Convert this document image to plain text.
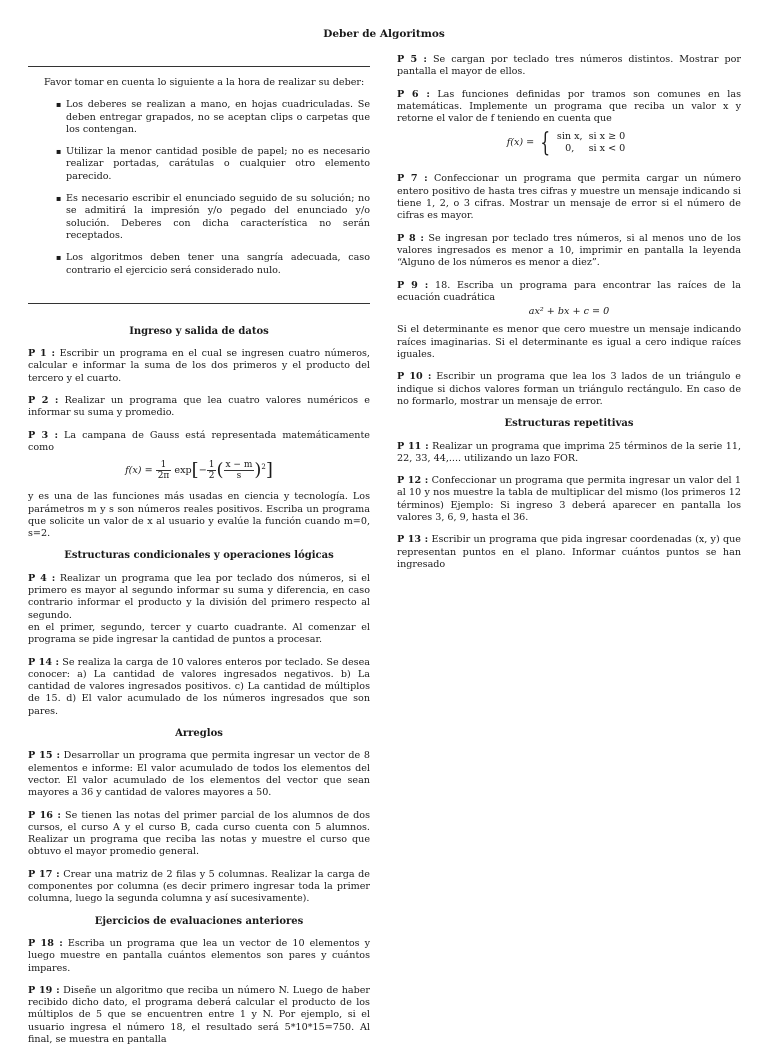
Deber de Algoritmos

Favor tomar en cuenta lo siguiente a la hora de realizar su deber:

▪ Los deberes se realizan a mano, en hojas cuadriculadas. Se deben entregar grapados, no se aceptan clips o carpetas que los contengan.
▪ Utilizar la menor cantidad posible de papel; no es necesario realizar portadas, carátulas o cualquier otro elemento parecido.
▪ Es necesario escribir el enunciado seguido de su solución; no se admitirá la impresión y/o pegado del enunciado y/o solución. Deberes con dicha característica no serán receptados.
▪ Los algoritmos deben tener una sangría adecuada, caso contrario el ejercicio será considerado nulo.
Ingreso y salida de datos

P 1 : Escribir un programa en el cual se ingresen cuatro números, calcular e informar la suma de los dos primeros y el producto del tercero y el cuarto.

P 2 : Realizar un programa que lea cuatro valores numéricos e informar su suma y promedio.

P 3 : La campana de Gauss está representada matemáticamente como

$f(x) = \frac{1}{2\pi} \exp[- \frac{1}{2}$ ( $\frac{x - m}{s} )^2$]

y es una de las funciones más usadas en ciencia y tecnología. Los parámetros m y s son números reales positivos. Escriba un programa que solicite un valor de x al usuario y evalúe la función cuando m=0, s=2.

Estructuras condicionales y operaciones lógicas

P 4 : Realizar un programa que lea por teclado dos números, si el primero es mayor al segundo informar su suma y diferencia, en caso contrario informar el producto y la división del primero respecto al segundo.

P 5 : Se cargan por teclado tres números distintos. Mostrar por pantalla el mayor de ellos.

P 6 : Las funciones definidas por tramos son comunes en las matemáticas. Implemente un programa que reciba un valor x y retorne el valor de f teniendo en cuenta que

f(x) = { sin x,	si x ≥ 0
0,	si x < 0

P 7 : Confeccionar un programa que permita cargar un número entero positivo de hasta tres cifras y muestre un mensaje indicando si tiene 1, 2, o 3 cifras. Mostrar un mensaje de error si el número de cifras es mayor.

P 8 : Se ingresan por teclado tres números, si al menos uno de los valores ingresados es menor a 10, imprimir en pantalla la leyenda “Alguno de los números es menor a diez”.

P 9 : 18. Escriba un programa para encontrar las raíces de la ecuación cuadrática

ax² + bx + c = 0

Si el determinante es menor que cero muestre un mensaje indicando raíces imaginarias. Si el determinante es igual a cero indique raíces iguales.

P 10 : Escribir un programa que lea los 3 lados de un triángulo e indique si dichos valores forman un triángulo rectángulo. En caso de no formarlo, mostrar un mensaje de error.

Estructuras repetitivas

P 11 : Realizar un programa que imprima 25 términos de la serie 11, 22, 33, 44,.... utilizando un lazo FOR.

P 12 : Confeccionar un programa que permita ingresar un valor del 1 al 10 y nos muestre la tabla de multiplicar del mismo (los primeros 12 términos) Ejemplo: Si ingreso 3 deberá aparecer en pantalla los valores 3, 6, 9, hasta el 36.

P 13 : Escribir un programa que pida ingresar coordenadas (x, y) que representan puntos en el plano. Informar cuántos puntos se han ingresado

en el primer, segundo, tercer y cuarto cuadrante. Al comenzar el programa se pide ingresar la cantidad de puntos a procesar.

P 14 : Se realiza la carga de 10 valores enteros por teclado. Se desea conocer: a) La cantidad de valores ingresados negativos. b) La cantidad de valores ingresados positivos. c) La cantidad de múltiplos de 15. d) El valor acumulado de los números ingresados que son pares.

Arreglos

P 15 : Desarrollar un programa que permita ingresar un vector de 8 elementos e informe: El valor acumulado de todos los elementos del vector. El valor acumulado de los elementos del vector que sean mayores a 36 y cantidad de valores mayores a 50.

P 16 : Se tienen las notas del primer parcial de los alumnos de dos cursos, el curso A y el curso B, cada curso cuenta con 5 alumnos. Realizar un programa que reciba las notas y muestre el curso que obtuvo el mayor promedio general.

P 17 : Crear una matriz de 2 filas y 5 columnas. Realizar la carga de componentes por columna (es decir primero ingresar toda la primer columna, luego la segunda columna y así sucesivamente).

Ejercicios de evaluaciones anteriores

P 18 : Escriba un programa que lea un vector de 10 elementos y luego muestre en pantalla cuántos elementos son pares y cuántos impares.

P 19 : Diseñe un algoritmo que reciba un número N. Luego de haber recibido dicho dato, el programa deberá calcular el producto de los múltiplos de 5 que se encuentren entre 1 y N. Por ejemplo, si el usuario ingresa el número 18, el resultado será 5*10*15=750. Al final, se muestra en pantalla
